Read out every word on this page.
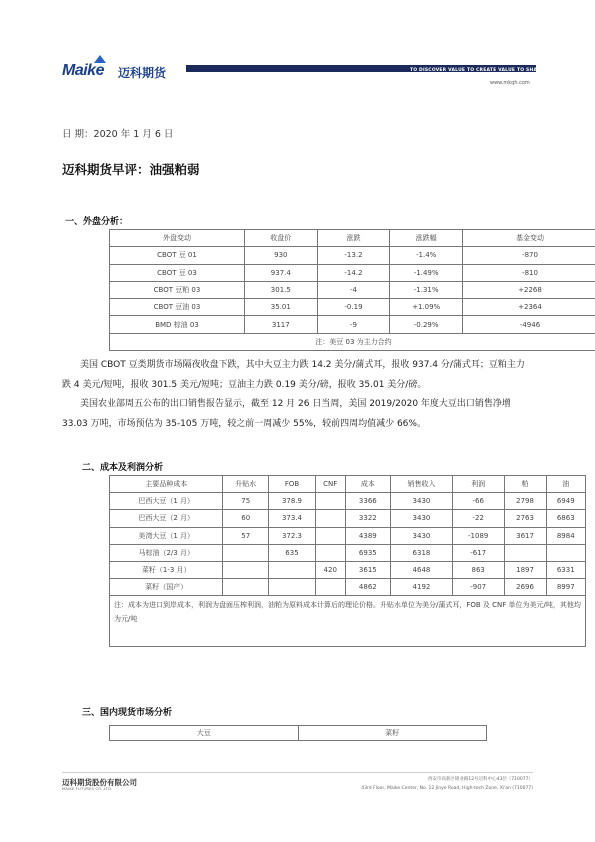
Maike 迈科期货	TO DISCOVER VALUE TO CREATE VALUE TO SHARE VALUE
www.mkqh.com
日 期：2020 年 1 月 6 日
迈科期货早评：油强粕弱
一、外盘分析：
外盘变动	收盘价	涨跌	涨跌幅	基金变动
CBOT 豆 01	930	-13.2	-1.4%	-870
CBOT 豆 03	937.4	-14.2	-1.49%	-810
CBOT 豆粕 03	301.5	-4	-1.31%	+2268
CBOT 豆油 03	35.01	-0.19	+1.09%	+2364
BMD 棕油 03	3117	-9	-0.29%	-4946
注：美豆 03 为主力合约				
美国 CBOT 豆类期货市场隔夜收盘下跌，其中大豆主力跌 14.2 美分/蒲式耳，报收 937.4 分/蒲式耳；豆粕主力跌 4 美元/短吨，报收 301.5 美元/短吨；豆油主力跌 0.19 美分/磅，报收 35.01 美分/磅。
美国农业部周五公布的出口销售报告显示，截至 12 月 26 日当周，美国 2019/2020 年度大豆出口销售净增 33.03 万吨，市场预估为 35-105 万吨，较之前一周减少 55%，较前四周均值减少 66%。
二、成本及利润分析
主要品种成本	升贴水	FOB	CNF	成本	销售收入	利润	粕	油
巴西大豆（1 月）	75	378.9		3366	3430	-66	2798	6949
巴西大豆（2 月）	60	373.4		3322	3430	-22	2763	6863
美湾大豆（1 月）	57	372.3		4389	3430	-1089	3617	8984
马棕油（2/3 月）		635		6935	6318	-617		
菜籽（1-3 月）			420	3615	4648	863	1897	6331
菜籽（国产）				4862	4192	-907	2696	8997
注：成本为进口到岸成本，利润为盘面压榨利润，油粕为原料成本计算后的理论价格。升贴水单位为美分/蒲式耳，FOB 及 CNF 单位为美元/吨，其他均为元/吨								
三、国内现货市场分析
大豆	菜籽
迈科期货股份有限公司
MAIKE FUTURES CO.,LTD.
西安市高新区锦业路12号迈科中心43层（710077）
43rd Floor, Maike Center, No. 12 Jinye Road, High-tech Zone, Xi'an (710077)
